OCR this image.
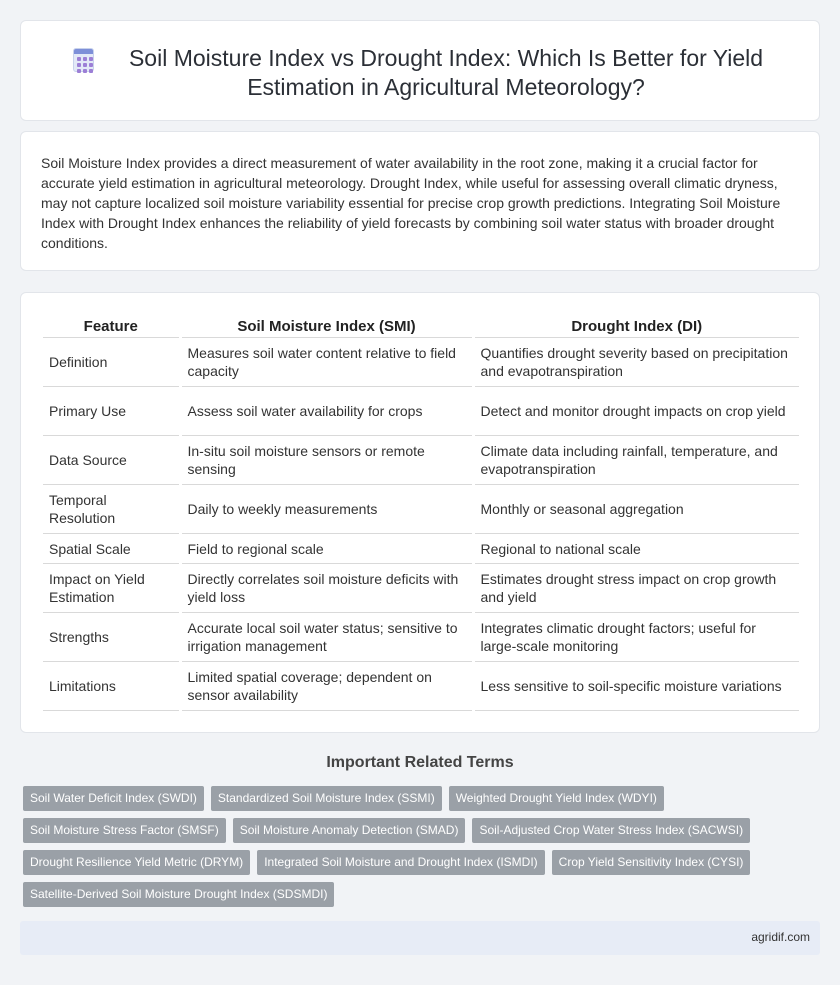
Soil Moisture Index vs Drought Index: Which Is Better for Yield Estimation in Agricultural Meteorology?

Soil Moisture Index provides a direct measurement of water availability in the root zone, making it a crucial factor for accurate yield estimation in agricultural meteorology. Drought Index, while useful for assessing overall climatic dryness, may not capture localized soil moisture variability essential for precise crop growth predictions. Integrating Soil Moisture Index with Drought Index enhances the reliability of yield forecasts by combining soil water status with broader drought conditions.

Feature	Soil Moisture Index (SMI)	Drought Index (DI)
Definition	Measures soil water content relative to field capacity	Quantifies drought severity based on precipitation and evapotranspiration
Primary Use	Assess soil water availability for crops	Detect and monitor drought impacts on crop yield
Data Source	In-situ soil moisture sensors or remote sensing	Climate data including rainfall, temperature, and evapotranspiration
Temporal Resolution	Daily to weekly measurements	Monthly or seasonal aggregation
Spatial Scale	Field to regional scale	Regional to national scale
Impact on Yield Estimation	Directly correlates soil moisture deficits with yield loss	Estimates drought stress impact on crop growth and yield
Strengths	Accurate local soil water status; sensitive to irrigation management	Integrates climatic drought factors; useful for large-scale monitoring
Limitations	Limited spatial coverage; dependent on sensor availability	Less sensitive to soil-specific moisture variations
Important Related Terms
Soil Water Deficit Index (SWDI)	Standardized Soil Moisture Index (SSMI)	Weighted Drought Yield Index (WDYI)
Soil Moisture Stress Factor (SMSF)	Soil Moisture Anomaly Detection (SMAD)	Soil-Adjusted Crop Water Stress Index (SACWSI)
Drought Resilience Yield Metric (DRYM)	Integrated Soil Moisture and Drought Index (ISMDI)	Crop Yield Sensitivity Index (CYSI)
Satellite-Derived Soil Moisture Drought Index (SDSMDI)
agridif.com
